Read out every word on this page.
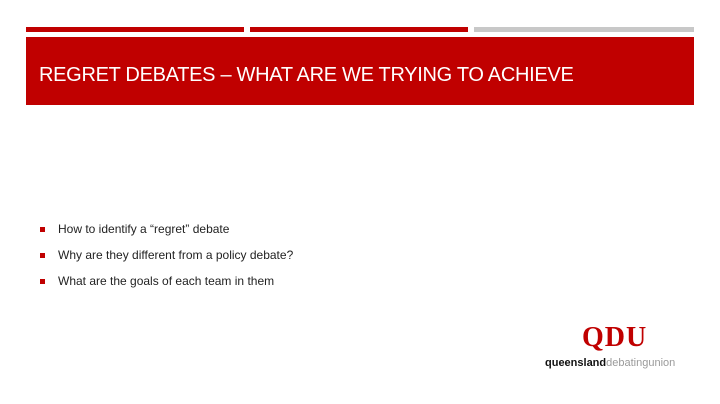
REGRET DEBATES – WHAT ARE WE TRYING TO ACHIEVE
How to identify a “regret” debate
Why are they different from a policy debate?
What are the goals of each team in them
QDU
queenslanddebatingunion
